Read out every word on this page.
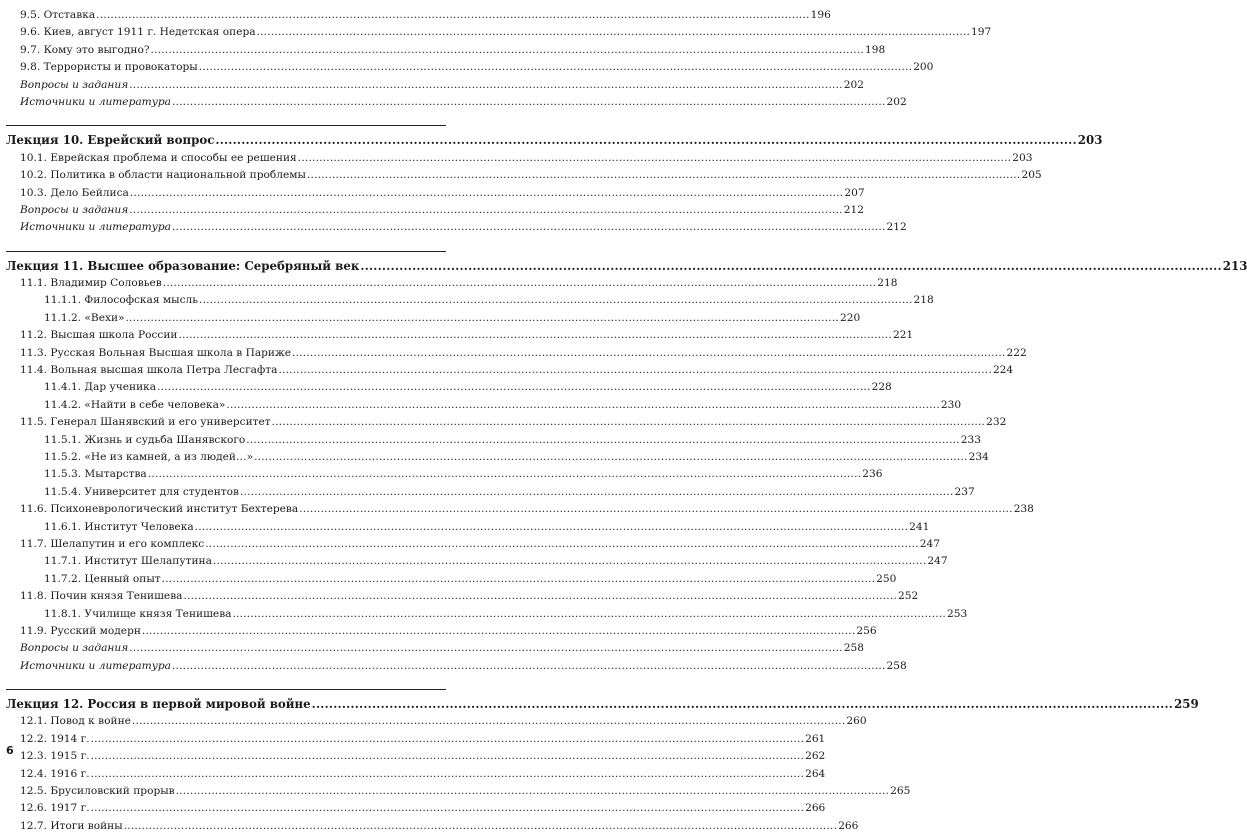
9.5. Отставка .....	196
9.6. Киев, август 1911 г. Недетская опера .....	197
9.7. Кому это выгодно? .....	198
9.8. Террористы и провокаторы .....	200
Вопросы и задания .....	202
Источники и литература .....	202
Лекция 10. Еврейский вопрос .....	203
10.1. Еврейская проблема и способы ее решения .....	203
10.2. Политика в области национальной проблемы .....	205
10.3. Дело Бейлиса .....	207
Вопросы и задания .....	212
Источники и литература .....	212
Лекция 11. Высшее образование: Серебряный век .....	213
11.1. Владимир Соловьев .....	218
11.1.1. Философская мысль .....	218
11.1.2. «Вехи» .....	220
11.2. Высшая школа России .....	221
11.3. Русская Вольная Высшая школа в Париже .....	222
11.4. Вольная высшая школа Петра Лесгафта .....	224
11.4.1. Дар ученика .....	228
11.4.2. «Найти в себе человека» .....	230
11.5. Генерал Шанявский и его университет .....	232
11.5.1. Жизнь и судьба Шанявского .....	233
11.5.2. «Не из камней, а из людей…» .....	234
11.5.3. Мытарства .....	236
11.5.4. Университет для студентов .....	237
11.6. Психоневрологический институт Бехтерева .....	238
11.6.1. Институт Человека .....	241
11.7. Шелапутин и его комплекс .....	247
11.7.1. Институт Шелапутина .....	247
11.7.2. Ценный опыт .....	250
11.8. Почин князя Тенишева .....	252
11.8.1. Училище князя Тенишева .....	253
11.9. Русский модерн .....	256
Вопросы и задания .....	258
Источники и литература .....	258
Лекция 12. Россия в первой мировой войне .....	259
12.1. Повод к войне .....	260
12.2. 1914 г. .....	261
12.3. 1915 г. .....	262
12.4. 1916 г. .....	264
12.5. Брусиловский прорыв .....	265
12.6. 1917 г. .....	266
12.7. Итоги войны .....	266
6
